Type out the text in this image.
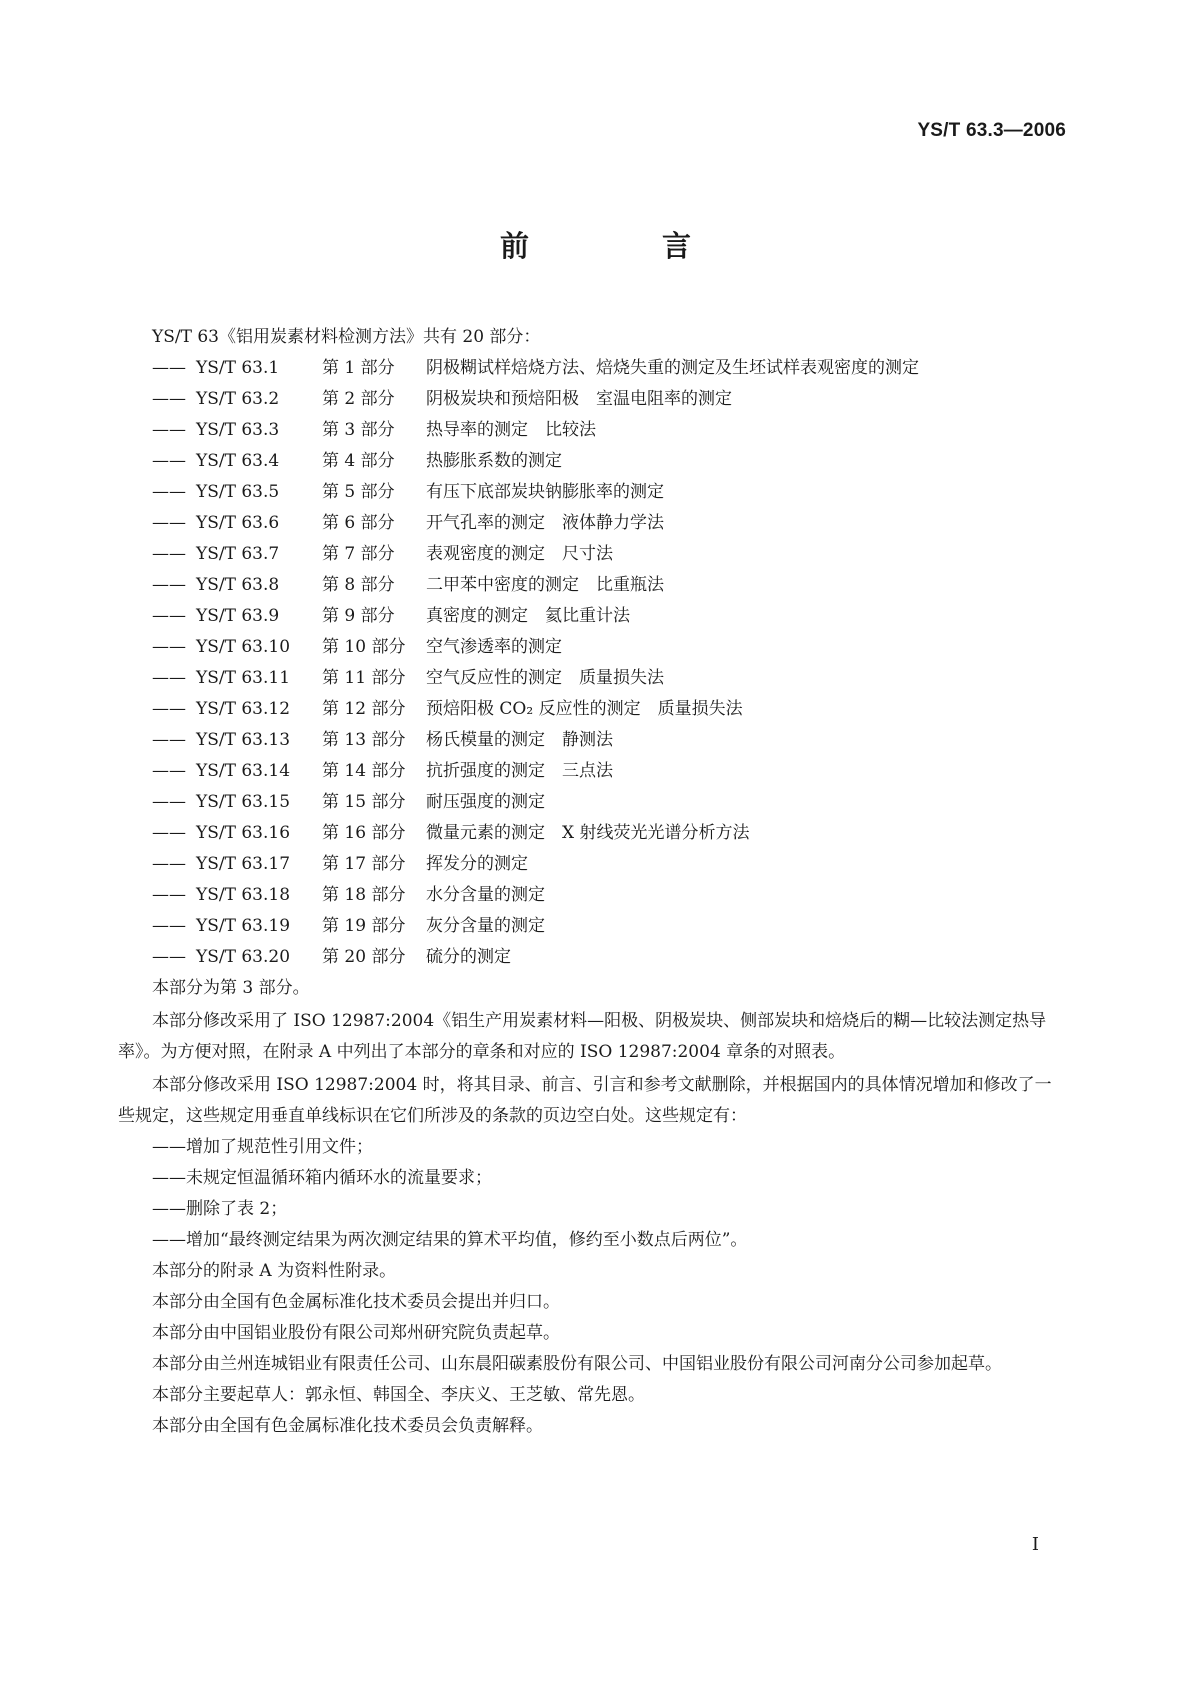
YS/T 63.3—2006
前　言

YS/T 63《铝用炭素材料检测方法》共有 20 部分：

—— YS/T 63.1	第 1 部分	阴极糊试样焙烧方法、焙烧失重的测定及生坯试样表观密度的测定
—— YS/T 63.2	第 2 部分	阴极炭块和预焙阳极　室温电阻率的测定
—— YS/T 63.3	第 3 部分	热导率的测定　比较法
—— YS/T 63.4	第 4 部分	热膨胀系数的测定
—— YS/T 63.5	第 5 部分	有压下底部炭块钠膨胀率的测定
—— YS/T 63.6	第 6 部分	开气孔率的测定　液体静力学法
—— YS/T 63.7	第 7 部分	表观密度的测定　尺寸法
—— YS/T 63.8	第 8 部分	二甲苯中密度的测定　比重瓶法
—— YS/T 63.9	第 9 部分	真密度的测定　氦比重计法
—— YS/T 63.10	第 10 部分	空气渗透率的测定
—— YS/T 63.11	第 11 部分	空气反应性的测定　质量损失法
—— YS/T 63.12	第 12 部分	预焙阳极 CO₂ 反应性的测定　质量损失法
—— YS/T 63.13	第 13 部分	杨氏模量的测定　静测法
—— YS/T 63.14	第 14 部分	抗折强度的测定　三点法
—— YS/T 63.15	第 15 部分	耐压强度的测定
—— YS/T 63.16	第 16 部分	微量元素的测定　X 射线荧光光谱分析方法
—— YS/T 63.17	第 17 部分	挥发分的测定
—— YS/T 63.18	第 18 部分	水分含量的测定
—— YS/T 63.19	第 19 部分	灰分含量的测定
—— YS/T 63.20	第 20 部分	硫分的测定

本部分为第 3 部分。

本部分修改采用了 ISO 12987:2004《铝生产用炭素材料—阳极、阴极炭块、侧部炭块和焙烧后的糊—比较法测定热导率》。为方便对照，在附录 A 中列出了本部分的章条和对应的 ISO 12987:2004 章条的对照表。

本部分修改采用 ISO 12987:2004 时，将其目录、前言、引言和参考文献删除，并根据国内的具体情况增加和修改了一些规定，这些规定用垂直单线标识在它们所涉及的条款的页边空白处。这些规定有：

——增加了规范性引用文件；

——未规定恒温循环箱内循环水的流量要求；

——删除了表 2；

——增加“最终测定结果为两次测定结果的算术平均值，修约至小数点后两位”。

本部分的附录 A 为资料性附录。

本部分由全国有色金属标准化技术委员会提出并归口。

本部分由中国铝业股份有限公司郑州研究院负责起草。

本部分由兰州连城铝业有限责任公司、山东晨阳碳素股份有限公司、中国铝业股份有限公司河南分公司参加起草。

本部分主要起草人：郭永恒、韩国全、李庆义、王芝敏、常先恩。

本部分由全国有色金属标准化技术委员会负责解释。

I
